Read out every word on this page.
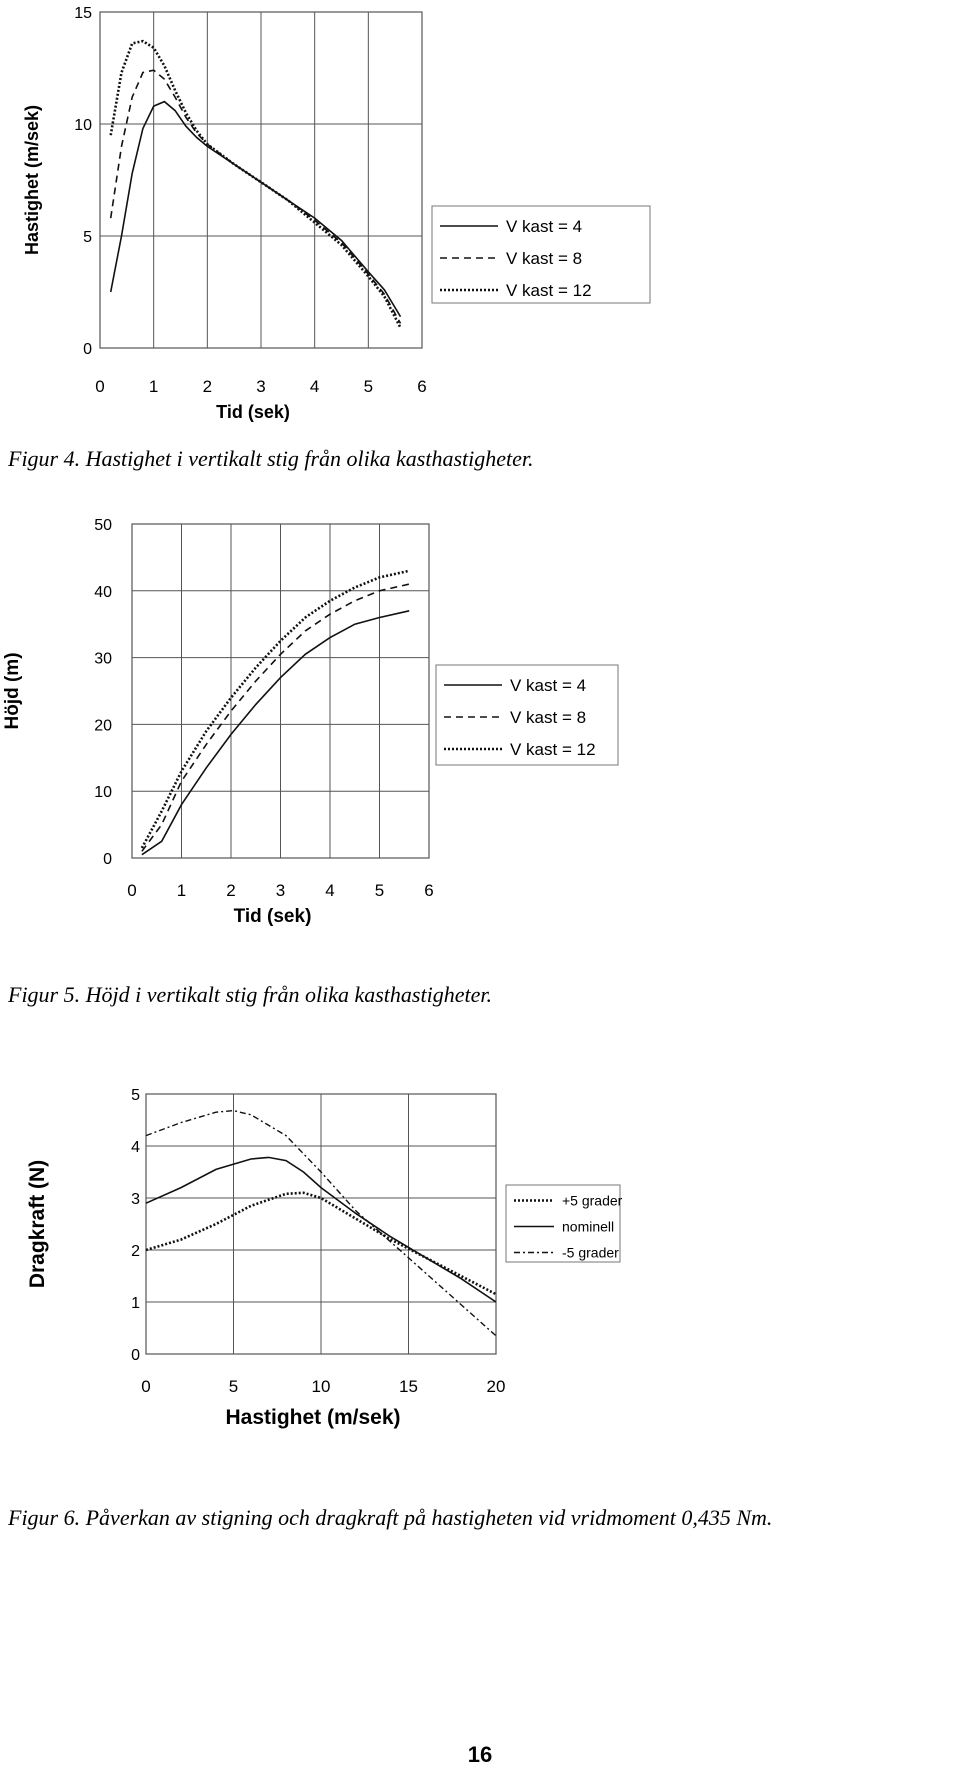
0	1	2	3	4	5	6
0
5
10
15
Tid (sek)
Hastighet (m/sek)	V kast = 4
V kast = 8
V kast = 12
0 1 2 3 4 5 6
0
10
20
30
40
50
Tid (sek)
Höjd (m)	V kast = 4
V kast = 8
V kast = 12
0	5	10	15	20
0
1
2
3
4
5
Hastighet (m/sek)
Dragkraft (N)	+5 grader
nominell
-5 grader
Figur 4. Hastighet i vertikalt stig från olika kasthastigheter.
Figur 5. Höjd i vertikalt stig från olika kasthastigheter.
Figur 6. Påverkan av stigning och dragkraft på hastigheten vid vridmoment 0,435 Nm.
16
